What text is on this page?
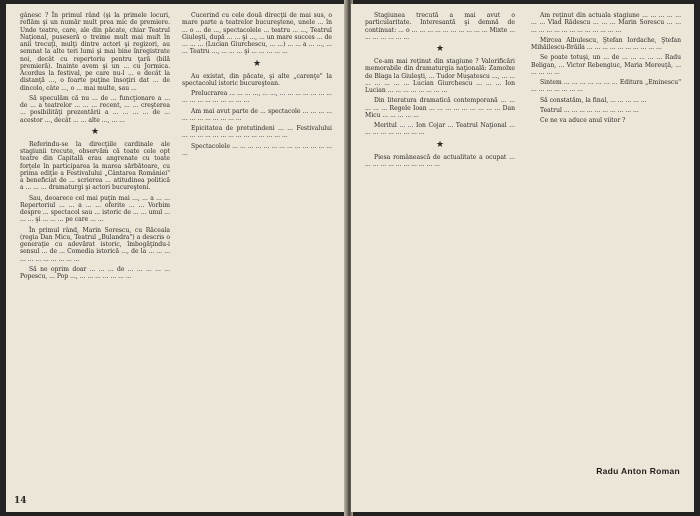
gânesc ? În primul rând (şi la primele locuri, reflăm şi un număr mult prea mic de premiere. Unde teatre, care, ale din păcate, chiar Teatrul Naţional, puseseră o treime mult mai mult în anii trecuţi, mulţi dintre actori şi regizori, au semnat la alte teri lumi şi mai bine înregistrate noi, decât cu repertoriu pentru ţară (bilă premieră). Inainte avem şi un ... cu Jormica. Acordus la festival, pe care nu-l ... e decât la distanţă ..., o foarte puţine însoţiri dat ... de dincolo, câte ..., o ... mai multe, sau ...

Să speculăm că nu ... de ... funcţionare a ... de ... a teatrelor ... ... ... recent, ... ... creşterea ... posibilităţi prezentării a ... ... ... ... de ... acestor ..., decât ... ... alte ..., ... ...

★

Referindu-se la direcţiile cardinale ale stagiunii trecute, observăm că toate cele opt teatre din Capitală erau angrenate cu toate forţele în participarea la marea sărbătoare, cu prima ediţie a Festivalului „Cântarea României" a beneficiat de ... scrierea ... atitudinea politică a ... ... ... dramaturgi şi actori bucureşteni.

Sau, deoarece cel mai puţin mai ..., ... a ... ... Repertoriul ... ... a ... ... oferite ... ... Vorbim despre ... spectacol sau ... istoric de ... ... unul ... ... ... şi ... ... ... pe care ... ...

În primul rând, Marin Sorescu, cu Răceala (regia Dan Micu, Teatrul „Bulandra") a descris o generaţie cu adevărat istoric, îmbogăţindu-i sensul ... de ... Comedia istorică ..., de la ... ... ... ... ... ... ... ... ... ... ...

Să ne oprim doar ... ... ... de ... ... ... ... ... Popescu, ... Pop ..., ... ... ... ... ... ... ...

Cucerind cu cele două direcţii de mai sus, o mare parte a teatrelor bucureştene, unele ... în ... o ... de ..., spectacolele ... teatru ... ..., Teatrul Giuleşti, după ... ... şi ..., ... un mare succes ... de ... ... ... (Lucian Giurchescu, ... ...) ... ... a ... ..., ... ... Teatru ..., ... ... ... şi ... ... ... ... ...

★

Au existat, din păcate, şi alte „carenţe" la spectacolul istoric bucureştean.

Prelucrarea ... ... ... ..., ... ..., ... ... ... ... ... ... ... ... ... ... ... ... ... ... ... ...

Am mai avut parte de ... spectacole ... ... ... ... ... ... ... ... ... ... ... ...

Epicitatea de pretutindeni ... ... Festivalului ... ... ... ... ... ... ... ... ... ... ... ... ... ...

Spectacolele ... ... ... ... ... ... ... ... ... ... ... ... ... ...

14

Stagiunea trecută a mai avut o particularitate. Interesantă şi demnă de continuat: ... o ... ... ... ... ... ... ... ... ... ... Mixte ... ... ... ... ... ... ...

★

Ce-am mai reţinut din stagiune ? Valorificări memorabile din dramaturgia naţională: Zamolxe de Blaga la Giuleşti, ... Tudor Muşatescu ..., ... ... ... ... ... ... ... Lucian Giurchescu ... ... ... Ion Lucian ... ... ... ... ... ... ... ...

Din literatura dramatică contemporană ... ... ... ... ... Regele Ioan ... ... ... ... ... ... ... ... ... Dan Micu ... ... ... ... ...

Meritul ... ... Ion Cojar ... Teatrul Naţional ... ... ... ... ... ... ... ... ...

★

Piesa românească de actualitate a ocupat ... ... ... ... ... ... ... ... ... ... ...

Am reţinut din actuala stagiune ... ... ... ... ... ... ... Vlad Rădescu ... ... ... Marin Sorescu ... ... ... ... ... ... ... ... ... ... ... ... ... ...

Mircea Albulescu, Ştefan Iordache, Ştefan Mihăilescu-Brăila ... ... ... ... ... ... ... ... ... ...

Se poate totuşi, un ... de ... ... ... ... ... Radu Beligan, ... Victor Rebengiuc, Maria Mereuţă, ... ... ... ... ...

Sintem ... ... ... ... ... ... ... Editura „Eminescu" ... ... ... ... ... ... ...

Să constatăm, la final, ... ... ... ... ...

Teatrul ... ... ... ... ... ... ... ... ... ...

Ce ne va aduce anul viitor ?

Radu Anton Roman
